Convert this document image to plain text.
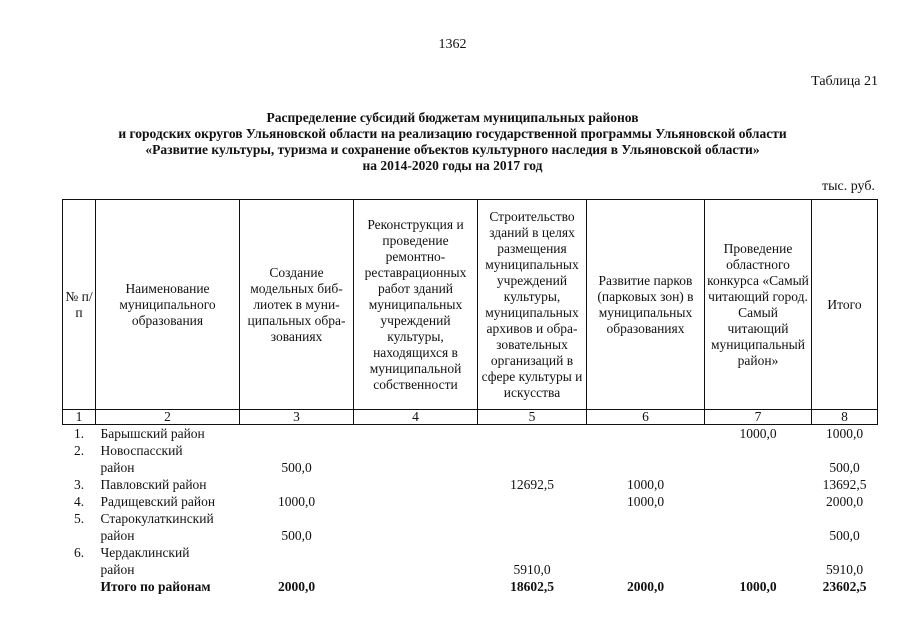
1362
Таблица 21
Распределение субсидий бюджетам муниципальных районов
и городских округов Ульяновской области на реализацию государственной программы Ульяновской области
«Развитие культуры, туризма и сохранение объектов культурного наследия в Ульяновской области»
на 2014-2020 годы на 2017 год
тыс. руб.
№ п/п	Наименование муниципального образования	Создание модельных биб-лиотек в муни-ципальных обра-зованиях	Реконструкция и проведение ремонтно-реставрационных работ зданий муниципальных учреждений культуры, находящихся в муниципальной собственности	Строительство зданий в целях размещения муниципальных учреждений культуры, муниципальных архивов и обра-зовательных организаций в сфере культуры и искусства	Развитие парков (парковых зон) в муниципальных образованиях	Проведение областного конкурса «Самый читающий город. Самый читающий муниципальный район»	Итого
1	2	3	4	5	6	7	8
1.	Барышский район					1000,0	1000,0
2.	Новоспасский
район	500,0					500,0
3.	Павловский район			12692,5	1000,0		13692,5
4.	Радищевский район	1000,0			1000,0		2000,0
5.	Старокулаткинский
район	500,0					500,0
6.	Чердаклинский
район			5910,0			5910,0
	Итого по районам	2000,0		18602,5	2000,0	1000,0	23602,5
